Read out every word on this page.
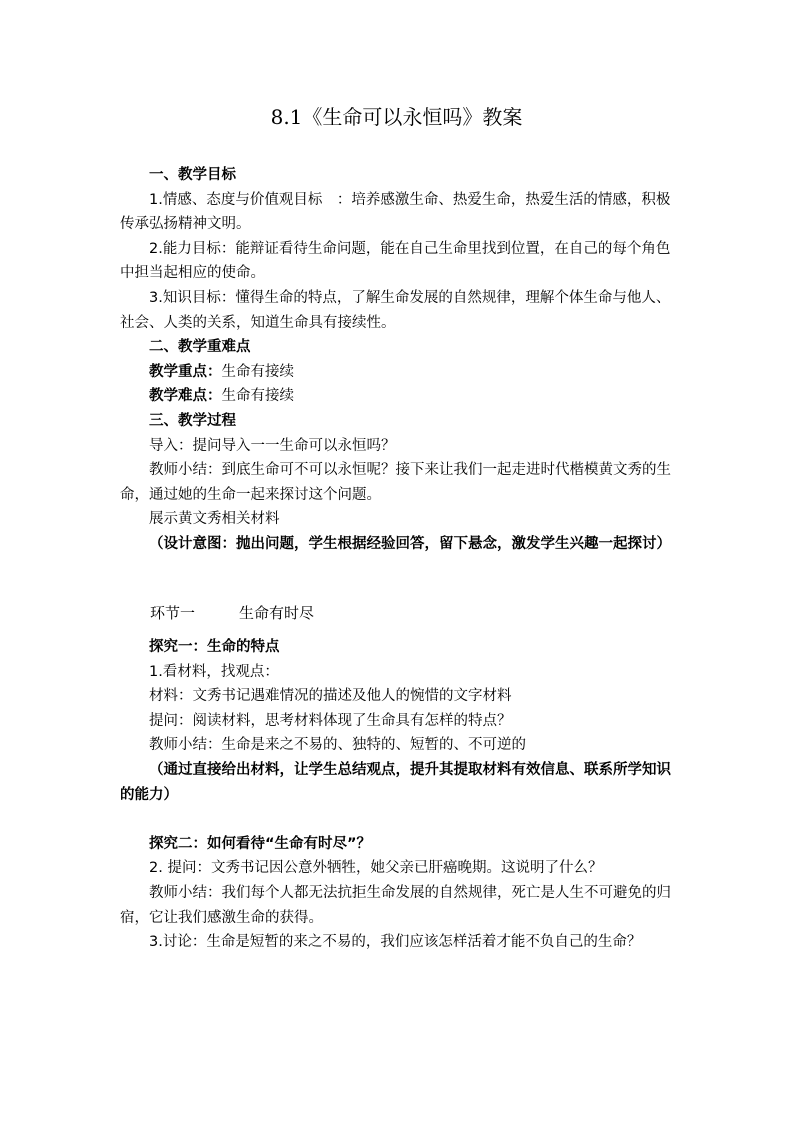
8.1《生命可以永恒吗》教案

一、教学目标

1.情感、态度与价值观目标　：培养感激生命、热爱生命，热爱生活的情感，积极传承弘扬精神文明。

2.能力目标：能辩证看待生命问题，能在自己生命里找到位置，在自己的每个角色中担当起相应的使命。

3.知识目标：懂得生命的特点，了解生命发展的自然规律，理解个体生命与他人、社会、人类的关系，知道生命具有接续性。

二、教学重难点

教学重点：生命有接续

教学难点：生命有接续

三、教学过程

导入：提问导入一一生命可以永恒吗？

教师小结：到底生命可不可以永恒呢？接下来让我们一起走进时代楷模黄文秀的生命，通过她的生命一起来探讨这个问题。

展示黄文秀相关材料

（设计意图：抛出问题，学生根据经验回答，留下悬念，激发学生兴趣一起探讨）

环节一	生命有时尽

探究一：生命的特点

1.看材料，找观点：

材料：文秀书记遇难情况的描述及他人的惋惜的文字材料

提问：阅读材料，思考材料体现了生命具有怎样的特点？

教师小结：生命是来之不易的、独特的、短暂的、不可逆的

（通过直接给出材料，让学生总结观点，提升其提取材料有效信息、联系所学知识的能力）

探究二：如何看待“生命有时尽”？

2. 提问：文秀书记因公意外牺牲，她父亲已肝癌晚期。这说明了什么？

教师小结：我们每个人都无法抗拒生命发展的自然规律，死亡是人生不可避免的归宿，它让我们感激生命的获得。

3.讨论：生命是短暂的来之不易的，我们应该怎样活着才能不负自己的生命？
